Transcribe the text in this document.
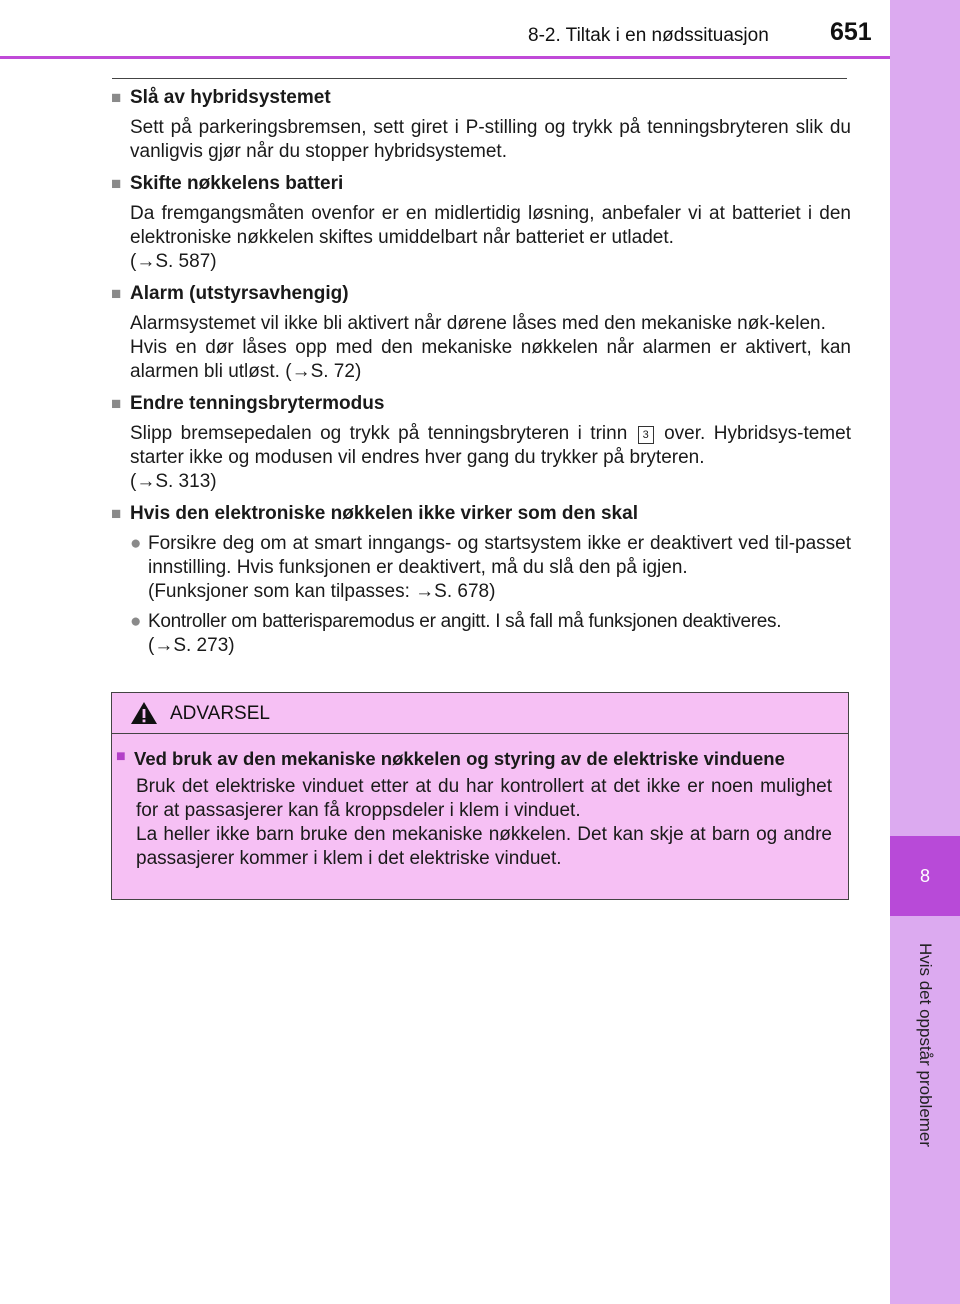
8-2. Tiltak i en nødssituasjon 651
8
Hvis det oppstår problemer
■ Slå av hybridsystemet

Sett på parkeringsbremsen, sett giret i P-stilling og trykk på tenningsbryteren slik du vanligvis gjør når du stopper hybridsystemet.

■ Skifte nøkkelens batteri

Da fremgangsmåten ovenfor er en midlertidig løsning, anbefaler vi at batteriet i den elektroniske nøkkelen skiftes umiddelbart når batteriet er utladet.

(→S. 587)

■ Alarm (utstyrsavhengig)

Alarmsystemet vil ikke bli aktivert når dørene låses med den mekaniske nøk-kelen.

Hvis en dør låses opp med den mekaniske nøkkelen når alarmen er aktivert, kan alarmen bli utløst. (→S. 72)

■ Endre tenningsbrytermodus

Slipp bremsepedalen og trykk på tenningsbryteren i trinn 3 over. Hybridsys-temet starter ikke og modusen vil endres hver gang du trykker på bryteren.

(→S. 313)

■ Hvis den elektroniske nøkkelen ikke virker som den skal
● Forsikre deg om at smart inngangs- og startsystem ikke er deaktivert ved til-passet innstilling. Hvis funksjonen er deaktivert, må du slå den på igjen.
(Funksjoner som kan tilpasses: →S. 678)
● Kontroller om batterisparemodus er angitt. I så fall må funksjonen deaktiveres.
(→S. 273)
ADVARSEL
■ Ved bruk av den mekaniske nøkkelen og styring av de elektriske vinduene

Bruk det elektriske vinduet etter at du har kontrollert at det ikke er noen mulighet for at passasjerer kan få kroppsdeler i klem i vinduet.

La heller ikke barn bruke den mekaniske nøkkelen. Det kan skje at barn og andre passasjerer kommer i klem i det elektriske vinduet.
